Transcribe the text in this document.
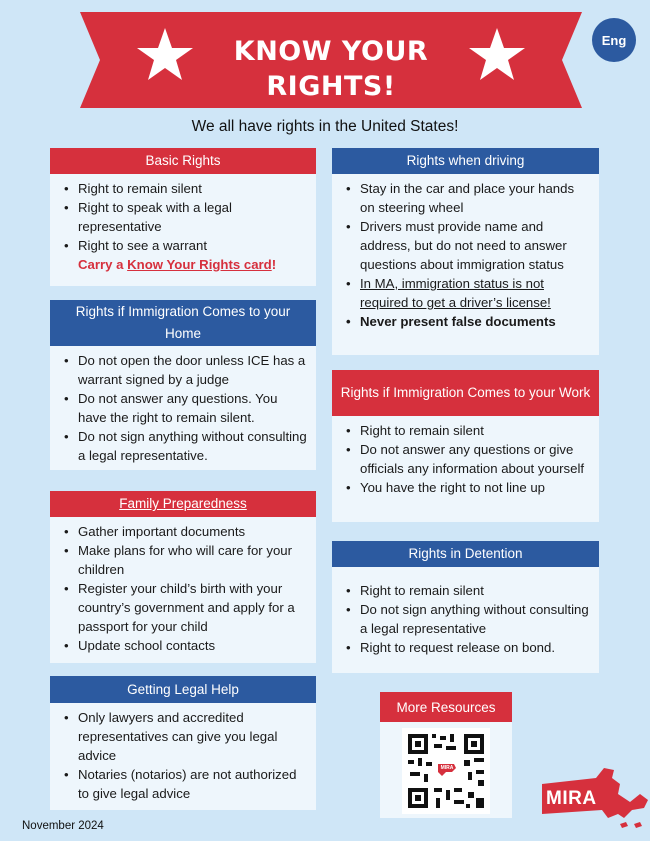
KNOW YOUR
RIGHTS!
Eng
We all have rights in the United States!
Basic Rights
• Right to remain silent
• Right to speak with a legal representative
• Right to see a warrant
Carry a Know Your Rights card!
Rights when driving
• Stay in the car and place your hands on steering wheel
• Drivers must provide name and address, but do not need to answer questions about immigration status
• In MA, immigration status is not required to get a driver’s license!
• Never present false documents
Rights if Immigration Comes to your Home
• Do not open the door unless ICE has a warrant signed by a judge
• Do not answer any questions. You have the right to remain silent.
• Do not sign anything without consulting a legal representative.
Rights if Immigration Comes to your Work
• Right to remain silent
• Do not answer any questions or give officials any information about yourself
• You have the right to not line up
Family Preparedness
• Gather important documents
• Make plans for who will care for your children
• Register your child’s birth with your country’s government and apply for a passport for your child
• Update school contacts
Rights in Detention
• Right to remain silent
• Do not sign anything without consulting a legal representative
• Right to request release on bond.
Getting Legal Help
• Only lawyers and accredited representatives can give you legal advice
• Notaries (notarios) are not authorized to give legal advice
More Resources
MIRA
MIRA
November 2024
